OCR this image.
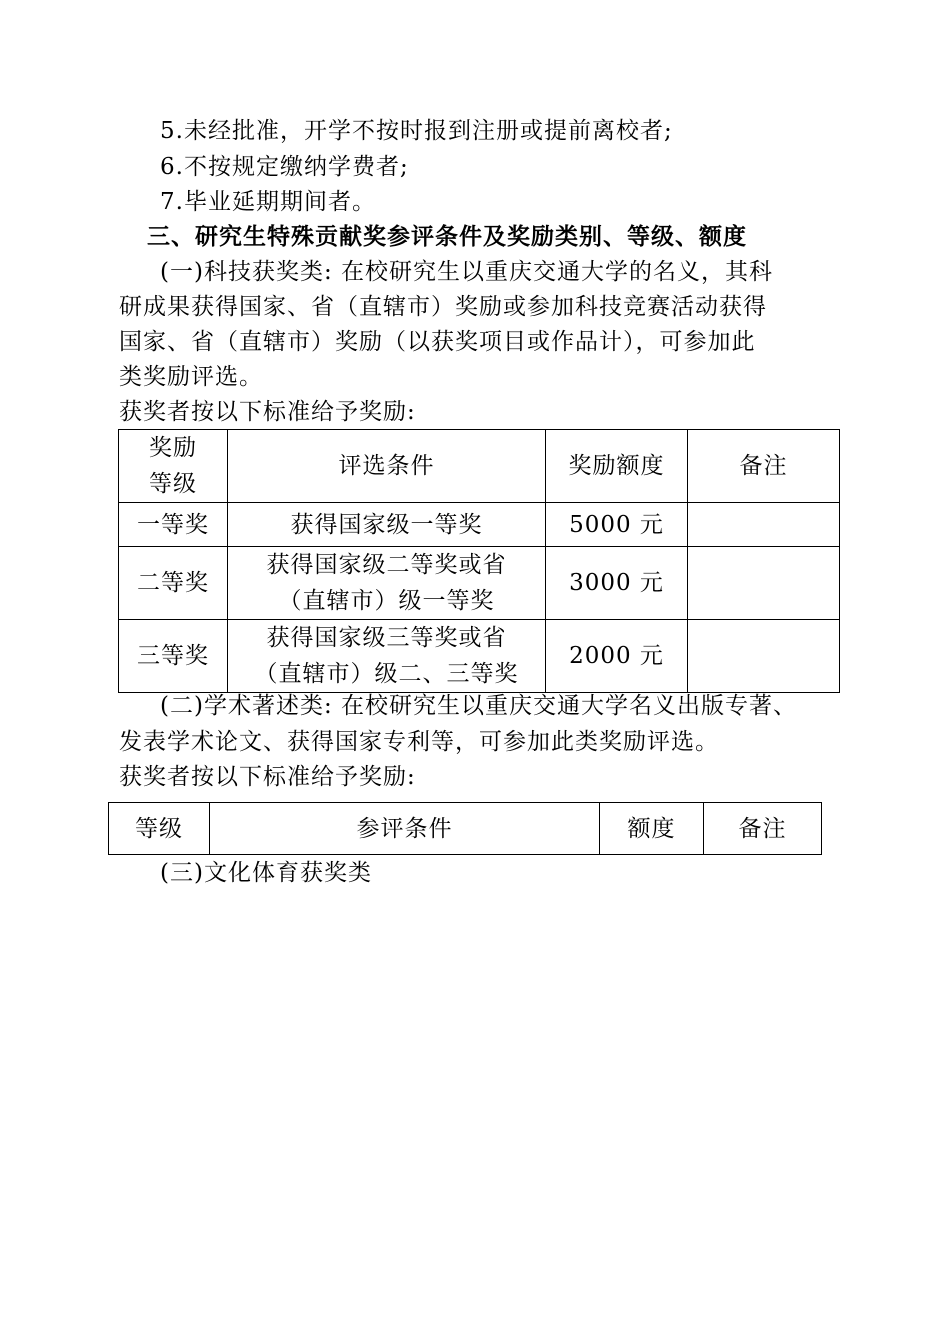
5.未经批准，开学不按时报到注册或提前离校者;
6.不按规定缴纳学费者;
7.毕业延期期间者。
三、研究生特殊贡献奖参评条件及奖励类别、等级、额度
(一)科技获奖类: 在校研究生以重庆交通大学的名义，其科
研成果获得国家、省（直辖市）奖励或参加科技竞赛活动获得
国家、省（直辖市）奖励（以获奖项目或作品计），可参加此
类奖励评选。
获奖者按以下标准给予奖励:
奖励
等级	评选条件	奖励额度	备注
一等奖	获得国家级一等奖	5000 元	
二等奖	获得国家级二等奖或省
（直辖市）级一等奖	3000 元	
三等奖	获得国家级三等奖或省
（直辖市）级二、三等奖	2000 元	
(二)学术著述类: 在校研究生以重庆交通大学名义出版专著、
发表学术论文、获得国家专利等，可参加此类奖励评选。
获奖者按以下标准给予奖励:
等级	参评条件	额度	备注
(三)文化体育获奖类
